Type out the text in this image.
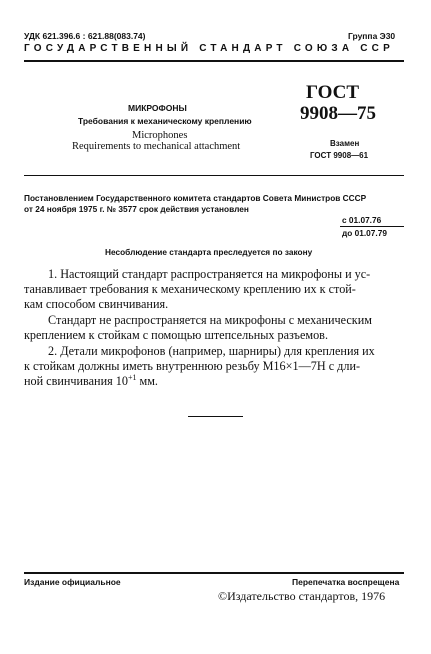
УДК 621.396.6 : 621.88(083.74)	Группа Э30
ГОСУДАРСТВЕННЫЙ СТАНДАРТ СОЮЗА ССР
МИКРОФОНЫ
Требования к механическому креплению
Microphones
Requirements to mechanical attachment
ГОСТ
9908—75
Взамен
ГОСТ 9908—61
Постановлением Государственного комитета стандартов Совета Министров СССР
от 24 ноября 1975 г. № 3577 срок действия установлен
с 01.07.76
до 01.07.79
Несоблюдение стандарта преследуется по закону
1. Настоящий стандарт распространяется на микрофоны и ус-
танавливает требования к механическому креплению их к стой-
кам способом свинчивания.
Стандарт не распространяется на микрофоны с механическим
креплением к стойкам с помощью штепсельных разъемов.
2. Детали микрофонов (например, шарниры) для крепления их
к стойкам должны иметь внутреннюю резьбу М16×1—7Н с дли-
ной свинчивания $10^{+1}$ мм.
Издание официальное	Перепечатка воспрещена
©Издательство стандартов, 1976
